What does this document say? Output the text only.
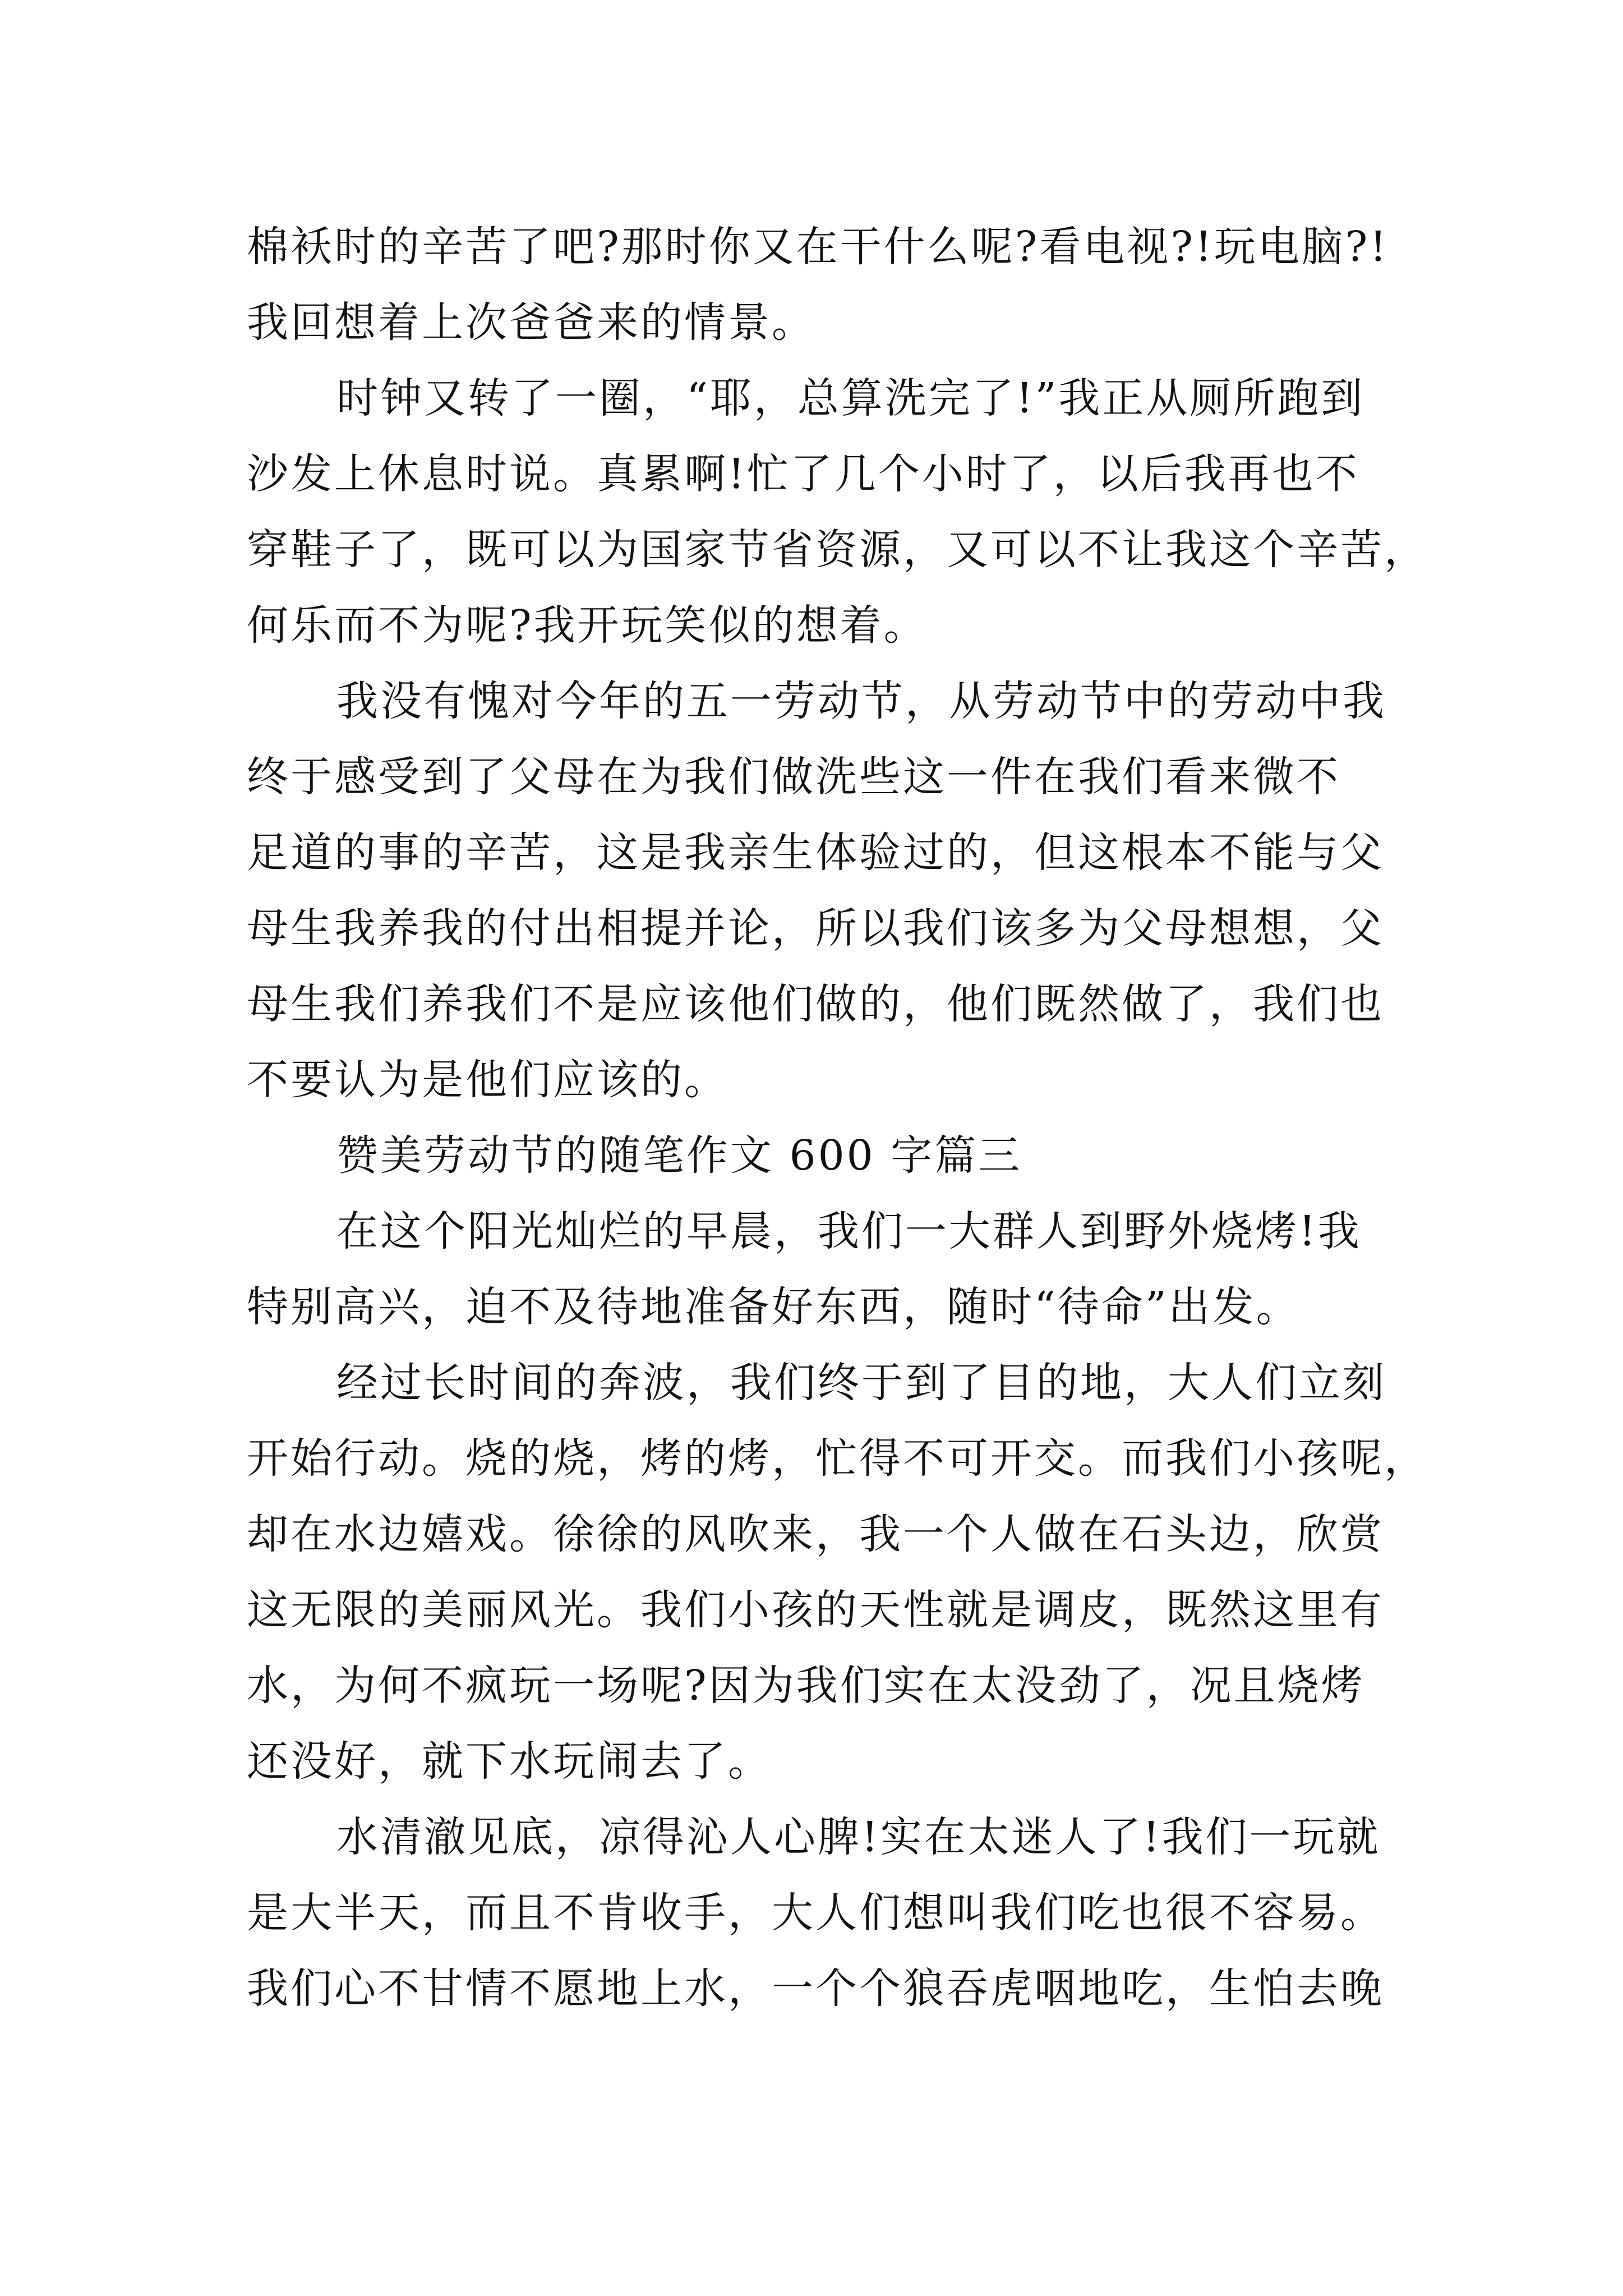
棉袄时的辛苦了吧?那时你又在干什么呢?看电视?!玩电脑?!
我回想着上次爸爸来的情景。
时钟又转了一圈，“耶，总算洗完了!”我正从厕所跑到
沙发上休息时说。真累啊!忙了几个小时了，以后我再也不
穿鞋子了，既可以为国家节省资源，又可以不让我这个辛苦，
何乐而不为呢?我开玩笑似的想着。
我没有愧对今年的五一劳动节，从劳动节中的劳动中我
终于感受到了父母在为我们做洗些这一件在我们看来微不
足道的事的辛苦，这是我亲生体验过的，但这根本不能与父
母生我养我的付出相提并论，所以我们该多为父母想想，父
母生我们养我们不是应该他们做的，他们既然做了，我们也
不要认为是他们应该的。
赞美劳动节的随笔作文 600 字篇三
在这个阳光灿烂的早晨，我们一大群人到野外烧烤!我
特别高兴，迫不及待地准备好东西，随时“待命”出发。
经过长时间的奔波，我们终于到了目的地，大人们立刻
开始行动。烧的烧，烤的烤，忙得不可开交。而我们小孩呢，
却在水边嬉戏。徐徐的风吹来，我一个人做在石头边，欣赏
这无限的美丽风光。我们小孩的天性就是调皮，既然这里有
水，为何不疯玩一场呢?因为我们实在太没劲了，况且烧烤
还没好，就下水玩闹去了。
水清澈见底，凉得沁人心脾!实在太迷人了!我们一玩就
是大半天，而且不肯收手，大人们想叫我们吃也很不容易。
我们心不甘情不愿地上水，一个个狼吞虎咽地吃，生怕去晚
